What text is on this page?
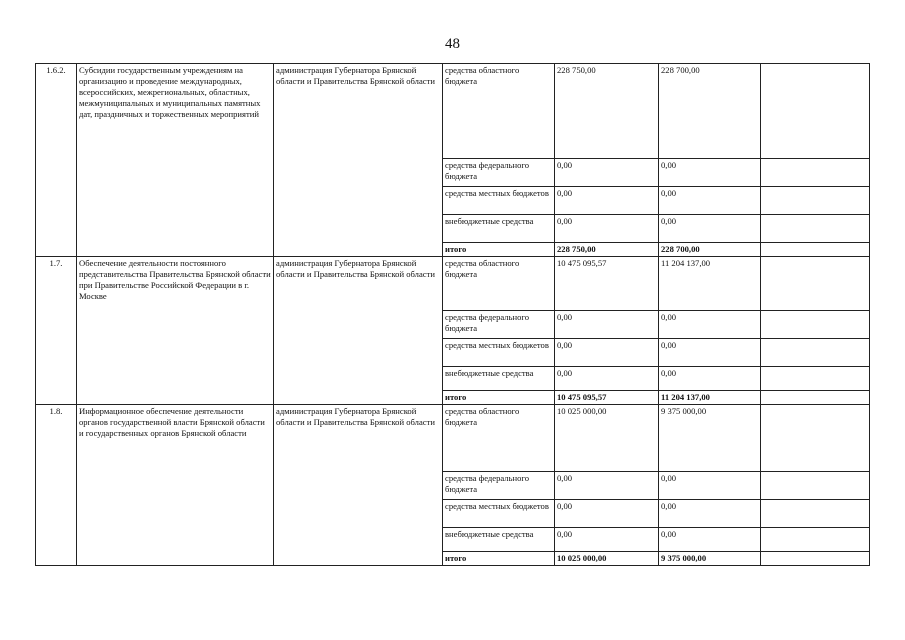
48
1.6.2.	Субсидии государственным учреждениям на организацию и проведение международных, всероссийских, межрегиональных, областных, межмуниципальных и муниципальных памятных дат, праздничных и торжественных мероприятий	администрация Губернатора Брянской области и Правительства Брянской области	средства областного бюджета	228 750,00	228 700,00	
			средства федерального бюджета	0,00	0,00	
			средства местных бюджетов	0,00	0,00	
			внебюджетные средства	0,00	0,00	
			итого	228 750,00	228 700,00	
1.7.	Обеспечение деятельности постоянного представительства Правительства Брянской области при Правительстве Российской Федерации в г. Москве	администрация Губернатора Брянской области и Правительства Брянской области	средства областного бюджета	10 475 095,57	11 204 137,00	
			средства федерального бюджета	0,00	0,00	
			средства местных бюджетов	0,00	0,00	
			внебюджетные средства	0,00	0,00	
			итого	10 475 095,57	11 204 137,00	
1.8.	Информационное обеспечение деятельности органов государственной власти Брянской области и государственных органов Брянской области	администрация Губернатора Брянской области и Правительства Брянской области	средства областного бюджета	10 025 000,00	9 375 000,00	
			средства федерального бюджета	0,00	0,00	
			средства местных бюджетов	0,00	0,00	
			внебюджетные средства	0,00	0,00	
			итого	10 025 000,00	9 375 000,00	
